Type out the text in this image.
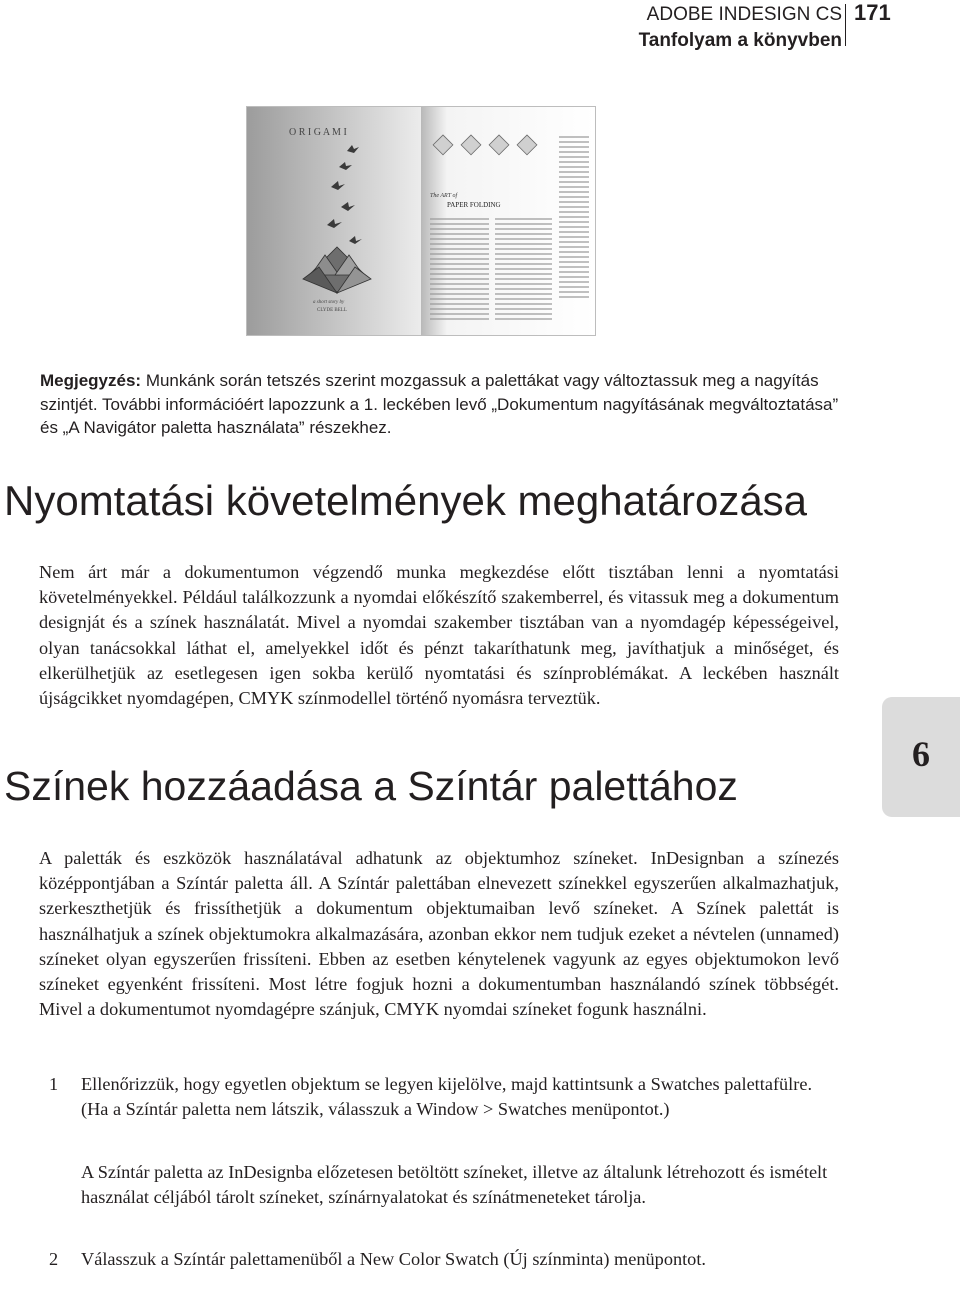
ADOBE INDESIGN CS
Tanfolyam a könyvben
171
O R I G A M I
a short story by
CLYDE BELL
The ART of
PAPER FOLDING
Megjegyzés: Munkánk során tetszés szerint mozgassuk a palettákat vagy változtassuk meg a nagyítás szintjét. További információért lapozzunk a 1. leckében levő „Dokumentum nagyításának megváltoztatása” és „A Navigátor paletta használata” részekhez.
Nyomtatási követelmények meghatározása

Nem árt már a dokumentumon végzendő munka megkezdése előtt tisztában lenni a nyomtatási követelményekkel. Például találkozzunk a nyomdai előkészítő szakemberrel, és vitassuk meg a dokumentum designját és a színek használatát. Mivel a nyomdai szakember tisztában van a nyomdagép képességeivel, olyan tanácsokkal láthat el, amelyekkel időt és pénzt takaríthatunk meg, javíthatjuk a minőséget, és elkerülhetjük az esetlegesen igen sokba kerülő nyomtatási és színproblémákat. A leckében használt újságcikket nyomdagépen, CMYK színmodellel történő nyomásra terveztük.

6
Színek hozzáadása a Színtár palettához

A paletták és eszközök használatával adhatunk az objektumhoz színeket. InDesignban a színezés középpontjában a Színtár paletta áll. A Színtár palettában elnevezett színekkel egyszerűen alkalmazhatjuk, szerkeszthetjük és frissíthetjük a dokumentum objektumaiban levő színeket. A Színek palettát is használhatjuk a színek objektumokra alkalmazására, azonban ekkor nem tudjuk ezeket a névtelen (unnamed) színeket olyan egyszerűen frissíteni. Ebben az esetben kénytelenek vagyunk az egyes objektumokon levő színeket egyenként frissíteni. Most létre fogjuk hozni a dokumentumban használandó színek többségét. Mivel a dokumentumot nyomdagépre szánjuk, CMYK nyomdai színeket fogunk használni.

1 Ellenőrizzük, hogy egyetlen objektum se legyen kijelölve, majd kattintsunk a Swatches palettafülre. (Ha a Színtár paletta nem látszik, válasszuk a Window > Swatches menüpontot.)

A Színtár paletta az InDesignba előzetesen betöltött színeket, illetve az általunk létrehozott és ismételt használat céljából tárolt színeket, színárnyalatokat és színátmeneteket tárolja.

2 Válasszuk a Színtár palettamenüből a New Color Swatch (Új színminta) menüpontot.
